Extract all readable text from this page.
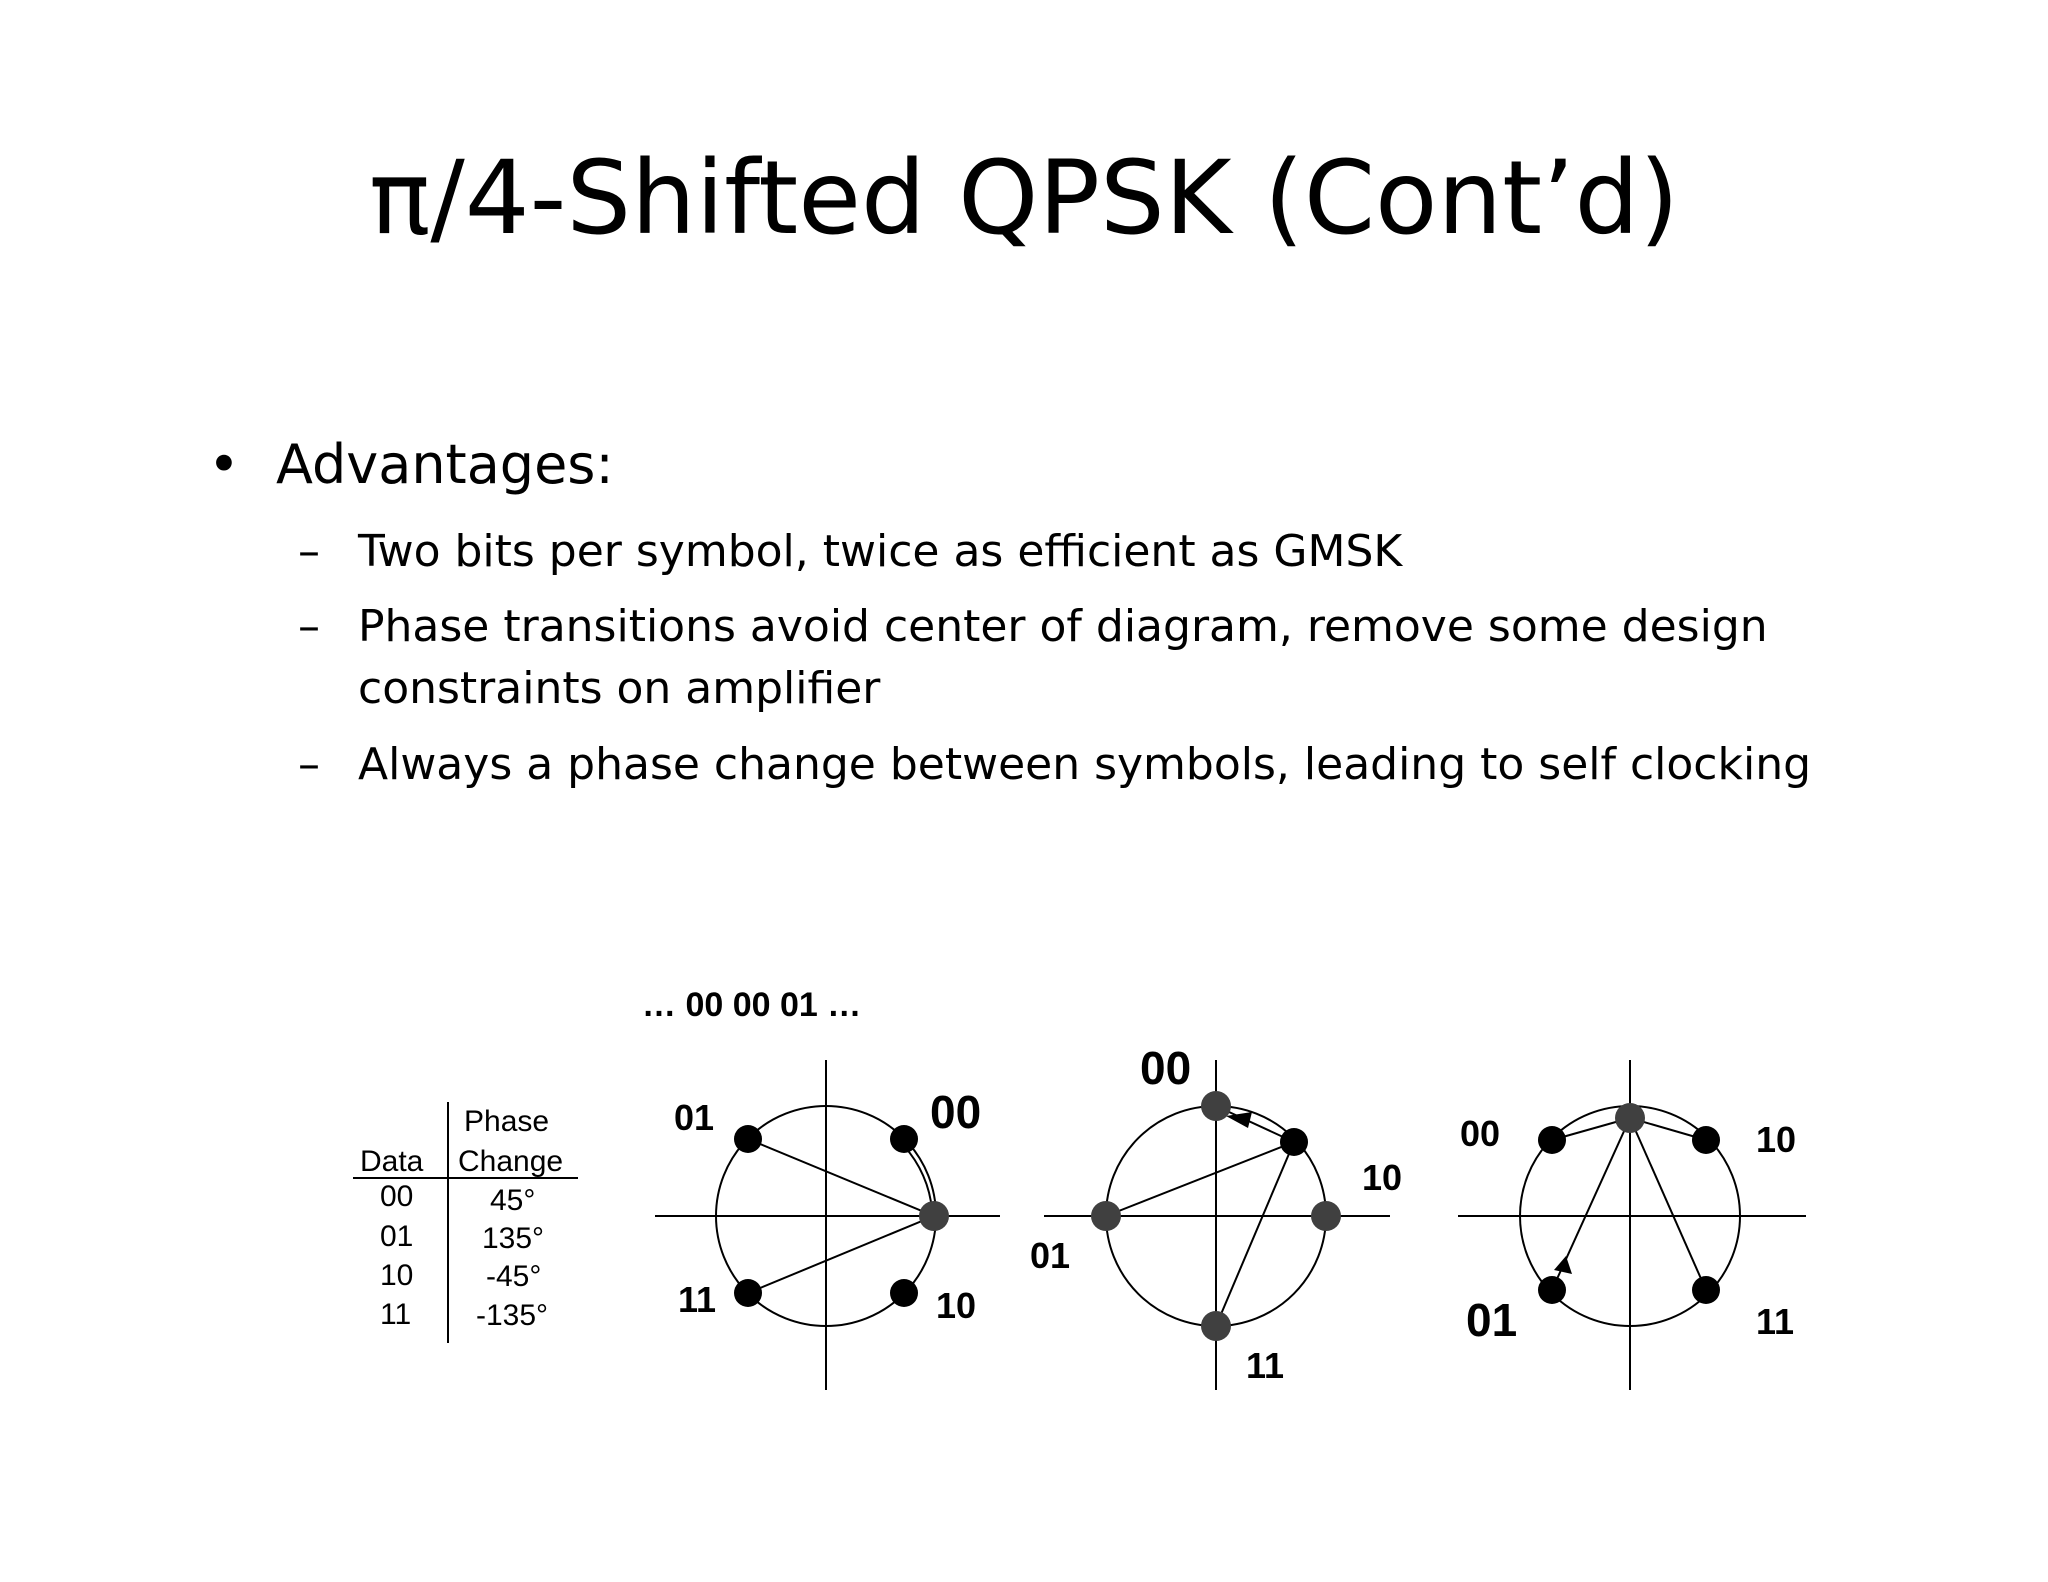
π/4-Shifted QPSK (Cont’d)
• Advantages:
– Two bits per symbol, twice as efficient as GMSK
– Phase transitions avoid center of diagram, remove some design constraints on amplifier
– Always a phase change between symbols, leading to self clocking
… 00 00 01 …
Phase
Data Change
00	45°
01 135°
10 -45°
11 -135°
01	00
11	10
00
10
01
11
00	10
01	11
